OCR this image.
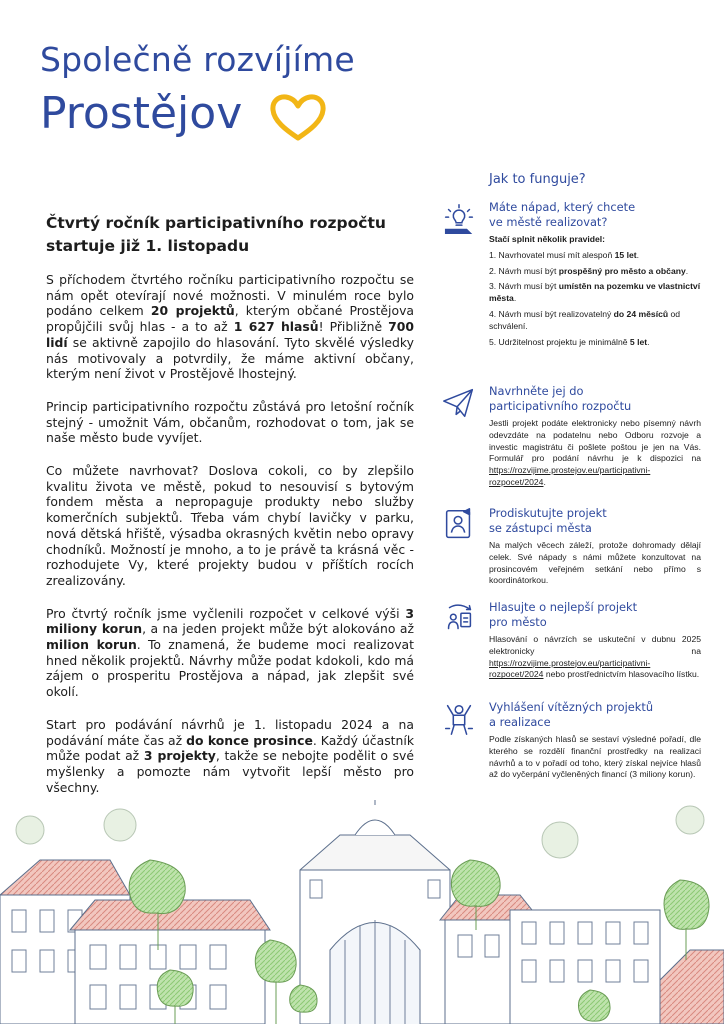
Společně rozvíjíme
Prostějov
Čtvrtý ročník participativního rozpočtu
startuje již 1. listopadu

S příchodem čtvrtého ročníku participativního rozpočtu se nám opět otevírají nové možnosti. V minulém roce bylo podáno celkem 20 projektů, kterým občané Prostějova propůjčili svůj hlas - a to až 1 627 hlasů! Přibližně 700 lidí se aktivně zapojilo do hlasování. Tyto skvělé výsledky nás motivovaly a potvrdily, že máme aktivní občany, kterým není život v Prostějově lhostejný.

Princip participativního rozpočtu zůstává pro letošní ročník stejný - umožnit Vám, občanům, rozhodovat o tom, jak se naše město bude vyvíjet.

Co můžete navrhovat? Doslova cokoli, co by zlepšilo kvalitu života ve městě, pokud to nesouvisí s bytovým fondem města a nepropaguje produkty nebo služby komerčních subjektů. Třeba vám chybí lavičky v parku, nová dětská hřiště, výsadba okrasných květin nebo opravy chodníků. Možností je mnoho, a to je právě ta krásná věc - rozhodujete Vy, které projekty budou v příštích rocích zrealizovány.

Pro čtvrtý ročník jsme vyčlenili rozpočet v celkové výši 3 miliony korun, a na jeden projekt může být alokováno až milion korun. To znamená, že budeme moci realizovat hned několik projektů. Návrhy může podat kdokoli, kdo má zájem o prosperitu Prostějova a nápad, jak zlepšit své okolí.

Start pro podávání návrhů je 1. listopadu 2024 a na podávání máte čas až do konce prosince. Každý účastník může podat až 3 projekty, takže se nebojte podělit o své myšlenky a pomozte nám vytvořit lepší město pro všechny.

Jak to funguje?
Máte nápad, který chcete
ve městě realizovat?

Stačí splnit několik pravidel:

1. Navrhovatel musí mít alespoň 15 let.
2. Návrh musí být prospěšný pro město a občany.
3. Návrh musí být umístěn na pozemku ve vlastnictví města.
4. Návrh musí být realizovatelný do 24 měsíců od schválení.
5. Udržitelnost projektu je minimálně 5 let.
Navrhněte jej do
participativního rozpočtu

Jestli projekt podáte elektronicky nebo písemný návrh odevzdáte na podatelnu nebo Odboru rozvoje a investic magistrátu či pošlete poštou je jen na Vás. Formulář pro podání návrhu je k dispozici na https://rozvijime.prostejov.eu/participativni-rozpocet/2024.

Prodiskutujte projekt
se zástupci města

Na malých věcech záleží, protože dohromady dělají celek. Své nápady s námi můžete konzultovat na prosincovém veřejném setkání nebo přímo s koordinátorkou.

Hlasujte o nejlepší projekt
pro město

Hlasování o návrzích se uskuteční v dubnu 2025 elektronicky na https://rozvijime.prostejov.eu/participativni-rozpocet/2024 nebo prostřednictvím hlasovacího lístku.

Vyhlášení vítězných projektů
a realizace

Podle získaných hlasů se sestaví výsledné pořadí, dle kterého se rozdělí finanční prostředky na realizaci návrhů a to v pořadí od toho, který získal nejvíce hlasů až do vyčerpání vyčleněných financí (3 miliony korun).
